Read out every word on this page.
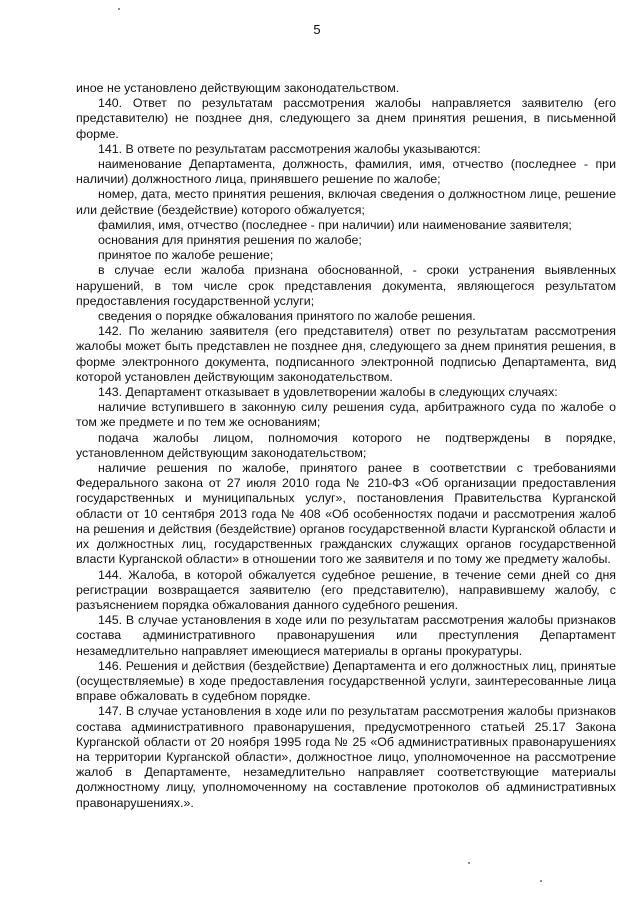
5

иное не установлено действующим законодательством.

140. Ответ по результатам рассмотрения жалобы направляется заявителю (его представителю) не позднее дня, следующего за днем принятия решения, в письменной форме.

141. В ответе по результатам рассмотрения жалобы указываются:

наименование Департамента, должность, фамилия, имя, отчество (последнее - при наличии) должностного лица, принявшего решение по жалобе;

номер, дата, место принятия решения, включая сведения о должностном лице, решение или действие (бездействие) которого обжалуется;

фамилия, имя, отчество (последнее - при наличии) или наименование заявителя;

основания для принятия решения по жалобе;

принятое по жалобе решение;

в случае если жалоба признана обоснованной, - сроки устранения выявленных нарушений, в том числе срок представления документа, являющегося результатом предоставления государственной услуги;

сведения о порядке обжалования принятого по жалобе решения.

142. По желанию заявителя (его представителя) ответ по результатам рассмотрения жалобы может быть представлен не позднее дня, следующего за днем принятия решения, в форме электронного документа, подписанного электронной подписью Департамента, вид которой установлен действующим законодательством.

143. Департамент отказывает в удовлетворении жалобы в следующих случаях:

наличие вступившего в законную силу решения суда, арбитражного суда по жалобе о том же предмете и по тем же основаниям;

подача жалобы лицом, полномочия которого не подтверждены в порядке, установленном действующим законодательством;

наличие решения по жалобе, принятого ранее в соответствии с требованиями Федерального закона от 27 июля 2010 года № 210-ФЗ «Об организации предоставления государственных и муниципальных услуг», постановления Правительства Курганской области от 10 сентября 2013 года № 408 «Об особенностях подачи и рассмотрения жалоб на решения и действия (бездействие) органов государственной власти Курганской области и их должностных лиц, государственных гражданских служащих органов государственной власти Курганской области» в отношении того же заявителя и по тому же предмету жалобы.

144. Жалоба, в которой обжалуется судебное решение, в течение семи дней со дня регистрации возвращается заявителю (его представителю), направившему жалобу, с разъяснением порядка обжалования данного судебного решения.

145. В случае установления в ходе или по результатам рассмотрения жалобы признаков состава административного правонарушения или преступления Департамент незамедлительно направляет имеющиеся материалы в органы прокуратуры.

146. Решения и действия (бездействие) Департамента и его должностных лиц, принятые (осуществляемые) в ходе предоставления государственной услуги, заинтересованные лица вправе обжаловать в судебном порядке.

147. В случае установления в ходе или по результатам рассмотрения жалобы признаков состава административного правонарушения, предусмотренного статьей 25.17 Закона Курганской области от 20 ноября 1995 года № 25 «Об административных правонарушениях на территории Курганской области», должностное лицо, уполномоченное на рассмотрение жалоб в Департаменте, незамедлительно направляет соответствующие материалы должностному лицу, уполномоченному на составление протоколов об административных правонарушениях.».
